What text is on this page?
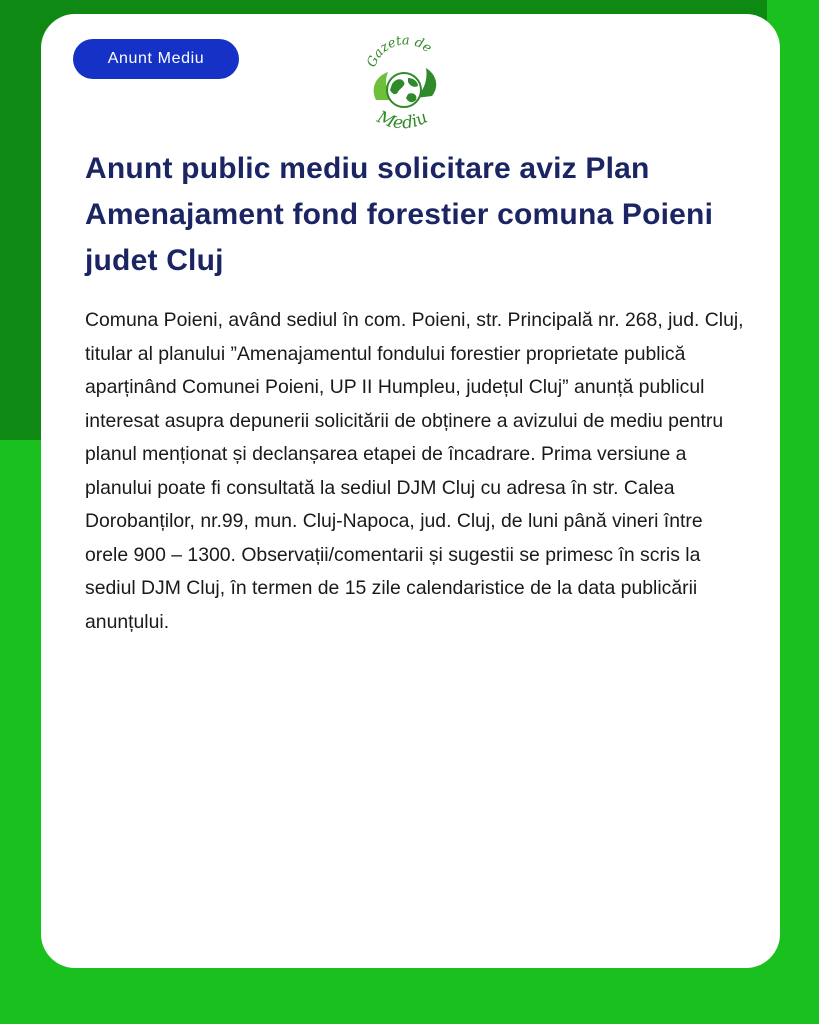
Anunt Mediu	Gazeta de
Mediu
Anunt public mediu solicitare aviz Plan Amenajament fond forestier comuna Poieni judet Cluj

Comuna Poieni, având sediul în com. Poieni, str. Principală nr. 268, jud. Cluj, titular al planului ”Amenajamentul fondului forestier proprietate publică aparținând Comunei Poieni, UP II Humpleu, județul Cluj” anunță publicul interesat asupra depunerii solicitării de obținere a avizului de mediu pentru planul menționat și declanșarea etapei de încadrare. Prima versiune a planului poate fi consultată la sediul DJM Cluj cu adresa în str. Calea Dorobanților, nr.99, mun. Cluj-Napoca, jud. Cluj, de luni până vineri între orele 900 – 1300. Observații/comentarii și sugestii se primesc în scris la sediul DJM Cluj, în termen de 15 zile calendaristice de la data publicării anunțului.
